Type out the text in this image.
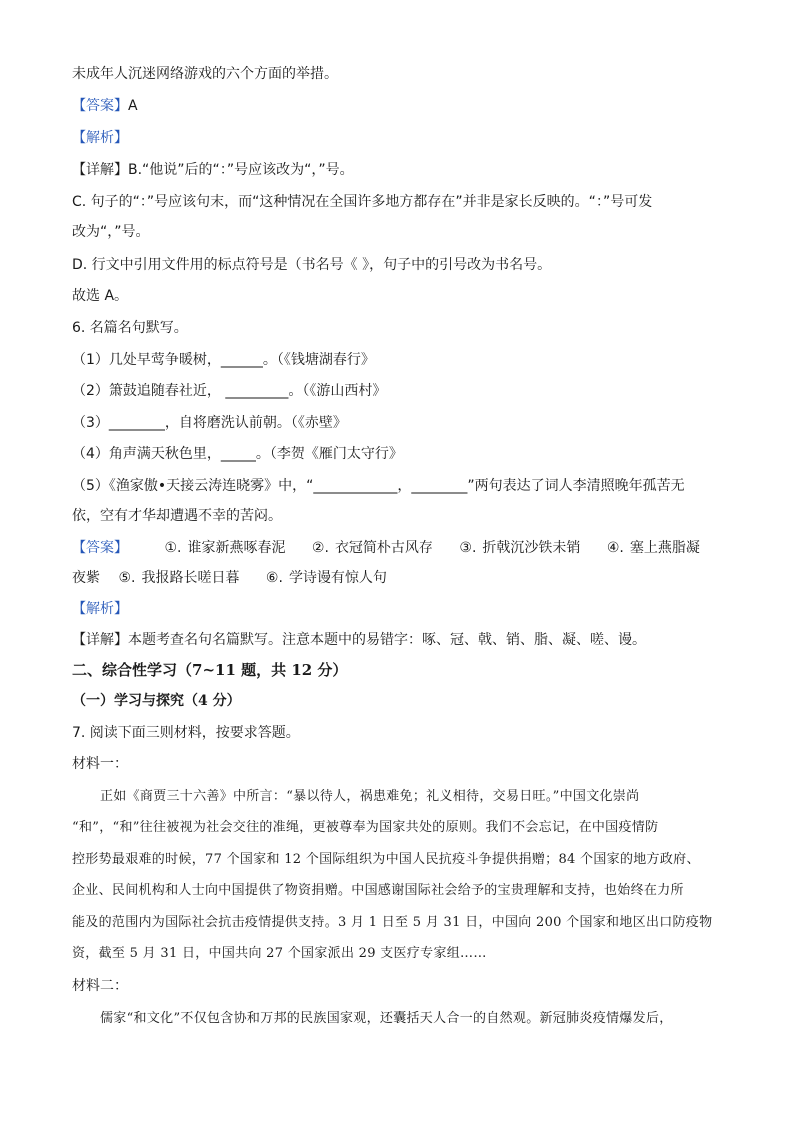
未成年人沉迷网络游戏的六个方面的举措。
【答案】A
【解析】
【详解】B.“他说”后的“：”号应该改为“，”号。
C. 句子的“：”号应该句末，而“这种情况在全国许多地方都存在”并非是家长反映的。“：”号可发
改为“，”号。
D. 行文中引用文件用的标点符号是（书名号《 》，句子中的引号改为书名号。
故选 A。
6. 名篇名句默写。
（1）几处早莺争暖树，______。（《钱塘湖春行》
（2）箫鼓追随春社近， _________。（《游山西村》
（3）________，自将磨洗认前朝。（《赤壁》
（4）角声满天秋色里，_____。（李贺《雁门太守行》
（5）《渔家傲•天接云涛连晓雾》中，“____________，________”两句表达了词人李清照晚年孤苦无
依，空有才华却遭遇不幸的苦闷。
【答案】	①. 谁家新燕啄春泥 ②. 衣冠简朴古风存 ③. 折戟沉沙铁未销 ④. 塞上燕脂凝
夜紫 ⑤. 我报路长嗟日暮 ⑥. 学诗谩有惊人句
【解析】
【详解】本题考查名句名篇默写。注意本题中的易错字：啄、冠、戟、销、脂、凝、嗟、谩。
二、综合性学习（7~11 题，共 12 分）
（一）学习与探究（4 分）
7. 阅读下面三则材料，按要求答题。
材料一：
正如《商贾三十六善》中所言：“暴以待人，祸患难免；礼义相待，交易日旺。”中国文化崇尚
“和”，“和”往往被视为社会交往的准绳，更被尊奉为国家共处的原则。我们不会忘记，在中国疫情防
控形势最艰难的时候，77 个国家和 12 个国际组织为中国人民抗疫斗争提供捐赠；84 个国家的地方政府、
企业、民间机构和人士向中国提供了物资捐赠。中国感谢国际社会给予的宝贵理解和支持，也始终在力所
能及的范围内为国际社会抗击疫情提供支持。3 月 1 日至 5 月 31 日，中国向 200 个国家和地区出口防疫物
资，截至 5 月 31 日，中国共向 27 个国家派出 29 支医疗专家组……
材料二：
儒家“和文化”不仅包含协和万邦的民族国家观，还囊括天人合一的自然观。新冠肺炎疫情爆发后，
